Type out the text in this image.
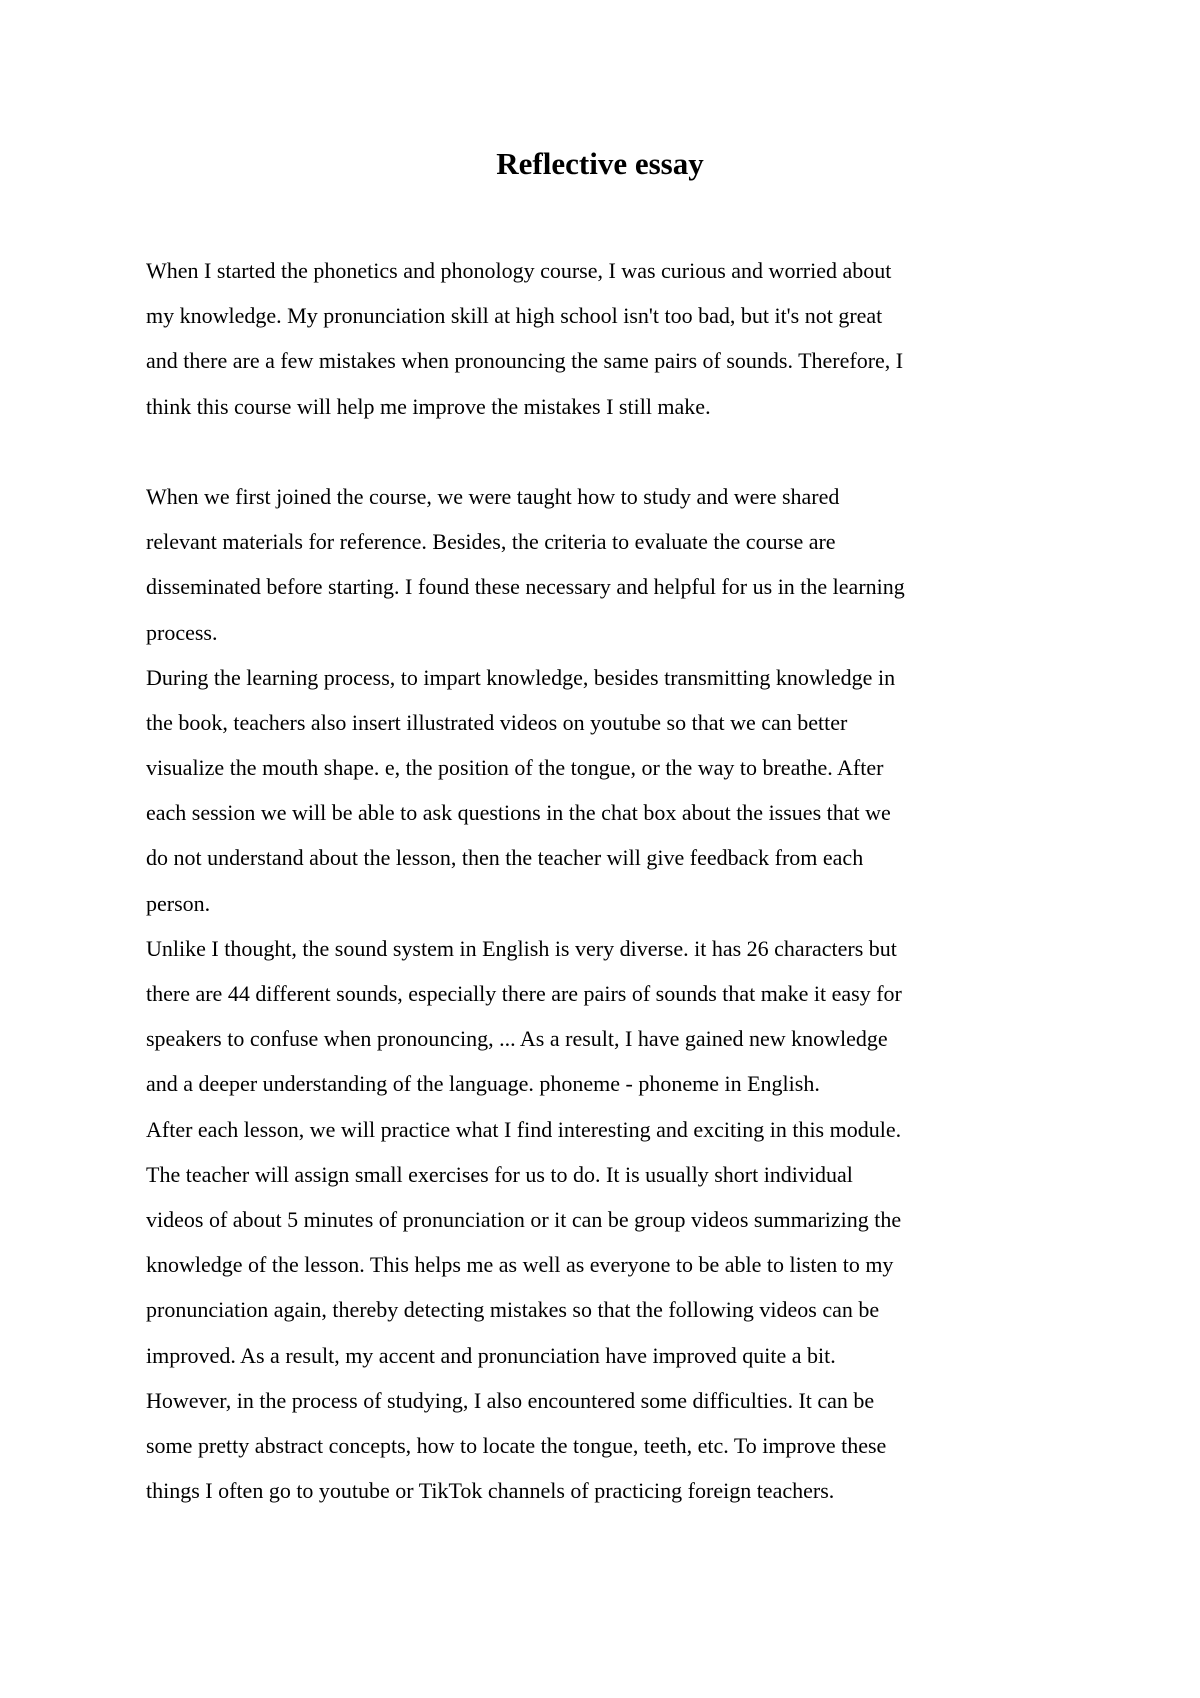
Reflective essay
When I started the phonetics and phonology course, I was curious and worried about
my knowledge. My pronunciation skill at high school isn't too bad, but it's not great
and there are a few mistakes when pronouncing the same pairs of sounds. Therefore, I
think this course will help me improve the mistakes I still make.
When we first joined the course, we were taught how to study and were shared
relevant materials for reference. Besides, the criteria to evaluate the course are
disseminated before starting. I found these necessary and helpful for us in the learning
process.
During the learning process, to impart knowledge, besides transmitting knowledge in
the book, teachers also insert illustrated videos on youtube so that we can better
visualize the mouth shape. e, the position of the tongue, or the way to breathe. After
each session we will be able to ask questions in the chat box about the issues that we
do not understand about the lesson, then the teacher will give feedback from each
person.
Unlike I thought, the sound system in English is very diverse. it has 26 characters but
there are 44 different sounds, especially there are pairs of sounds that make it easy for
speakers to confuse when pronouncing, ... As a result, I have gained new knowledge
and a deeper understanding of the language. phoneme - phoneme in English.
After each lesson, we will practice what I find interesting and exciting in this module.
The teacher will assign small exercises for us to do. It is usually short individual
videos of about 5 minutes of pronunciation or it can be group videos summarizing the
knowledge of the lesson. This helps me as well as everyone to be able to listen to my
pronunciation again, thereby detecting mistakes so that the following videos can be
improved. As a result, my accent and pronunciation have improved quite a bit.
However, in the process of studying, I also encountered some difficulties. It can be
some pretty abstract concepts, how to locate the tongue, teeth, etc. To improve these
things I often go to youtube or TikTok channels of practicing foreign teachers.
